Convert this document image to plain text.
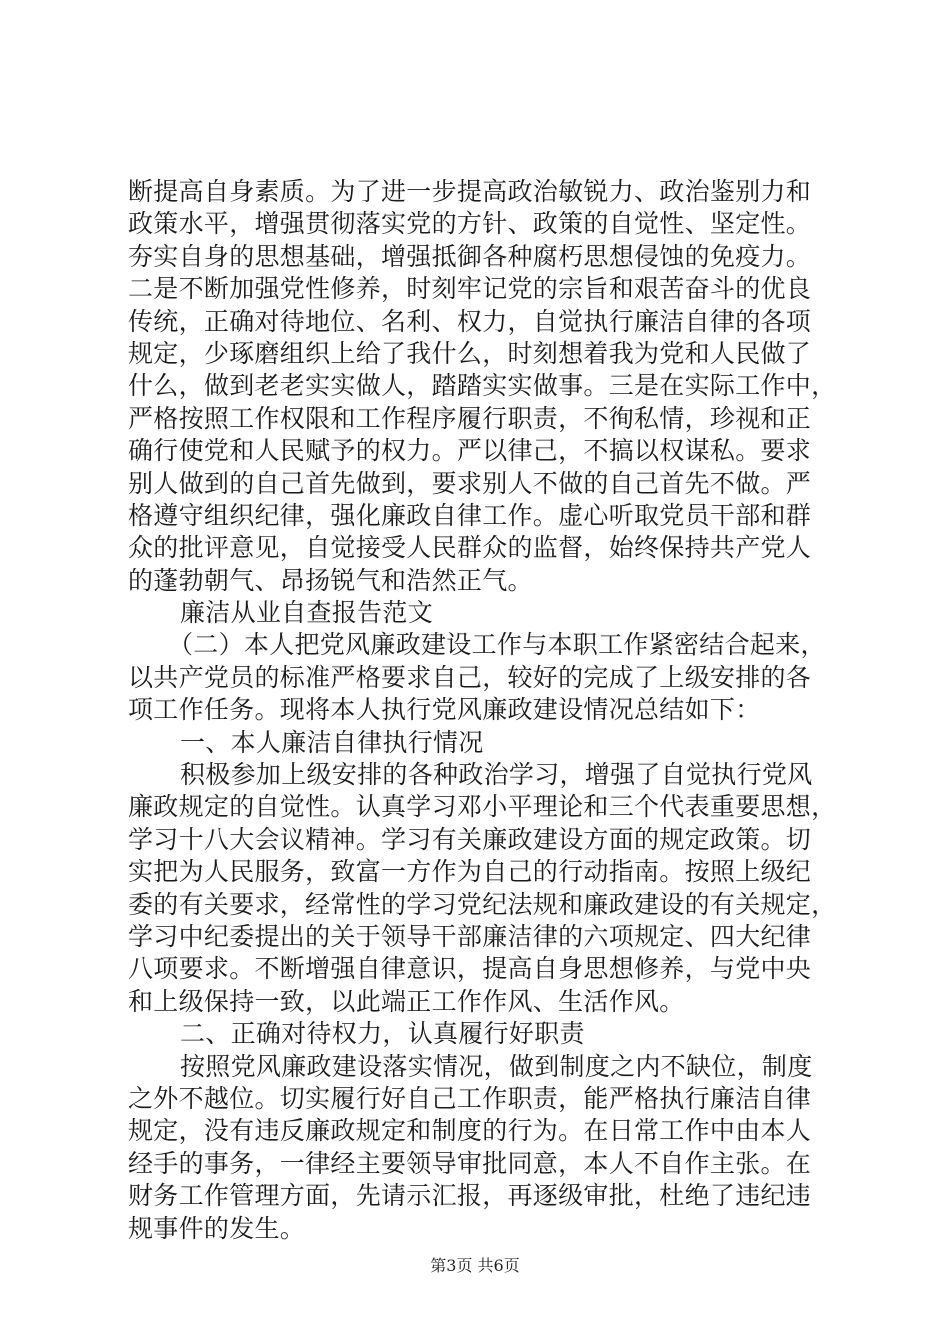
断提高自身素质。为了进一步提高政治敏锐力、政治鉴别力和
政策水平，增强贯彻落实党的方针、政策的自觉性、坚定性。
夯实自身的思想基础，增强抵御各种腐朽思想侵蚀的免疫力。
二是不断加强党性修养，时刻牢记党的宗旨和艰苦奋斗的优良
传统，正确对待地位、名利、权力，自觉执行廉洁自律的各项
规定，少琢磨组织上给了我什么，时刻想着我为党和人民做了
什么，做到老老实实做人，踏踏实实做事。三是在实际工作中，
严格按照工作权限和工作程序履行职责，不徇私情，珍视和正
确行使党和人民赋予的权力。严以律己，不搞以权谋私。要求
别人做到的自己首先做到，要求别人不做的自己首先不做。严
格遵守组织纪律，强化廉政自律工作。虚心听取党员干部和群
众的批评意见，自觉接受人民群众的监督，始终保持共产党人
的蓬勃朝气、昂扬锐气和浩然正气。
廉洁从业自查报告范文
（二）本人把党风廉政建设工作与本职工作紧密结合起来，
以共产党员的标准严格要求自己，较好的完成了上级安排的各
项工作任务。现将本人执行党风廉政建设情况总结如下：
一、本人廉洁自律执行情况
积极参加上级安排的各种政治学习，增强了自觉执行党风
廉政规定的自觉性。认真学习邓小平理论和三个代表重要思想，
学习十八大会议精神。学习有关廉政建设方面的规定政策。切
实把为人民服务，致富一方作为自己的行动指南。按照上级纪
委的有关要求，经常性的学习党纪法规和廉政建设的有关规定，
学习中纪委提出的关于领导干部廉洁律的六项规定、四大纪律
八项要求。不断增强自律意识，提高自身思想修养，与党中央
和上级保持一致，以此端正工作作风、生活作风。
二、正确对待权力，认真履行好职责
按照党风廉政建设落实情况，做到制度之内不缺位，制度
之外不越位。切实履行好自己工作职责，能严格执行廉洁自律
规定，没有违反廉政规定和制度的行为。在日常工作中由本人
经手的事务，一律经主要领导审批同意，本人不自作主张。在
财务工作管理方面，先请示汇报，再逐级审批，杜绝了违纪违
规事件的发生。
第3页 共6页
